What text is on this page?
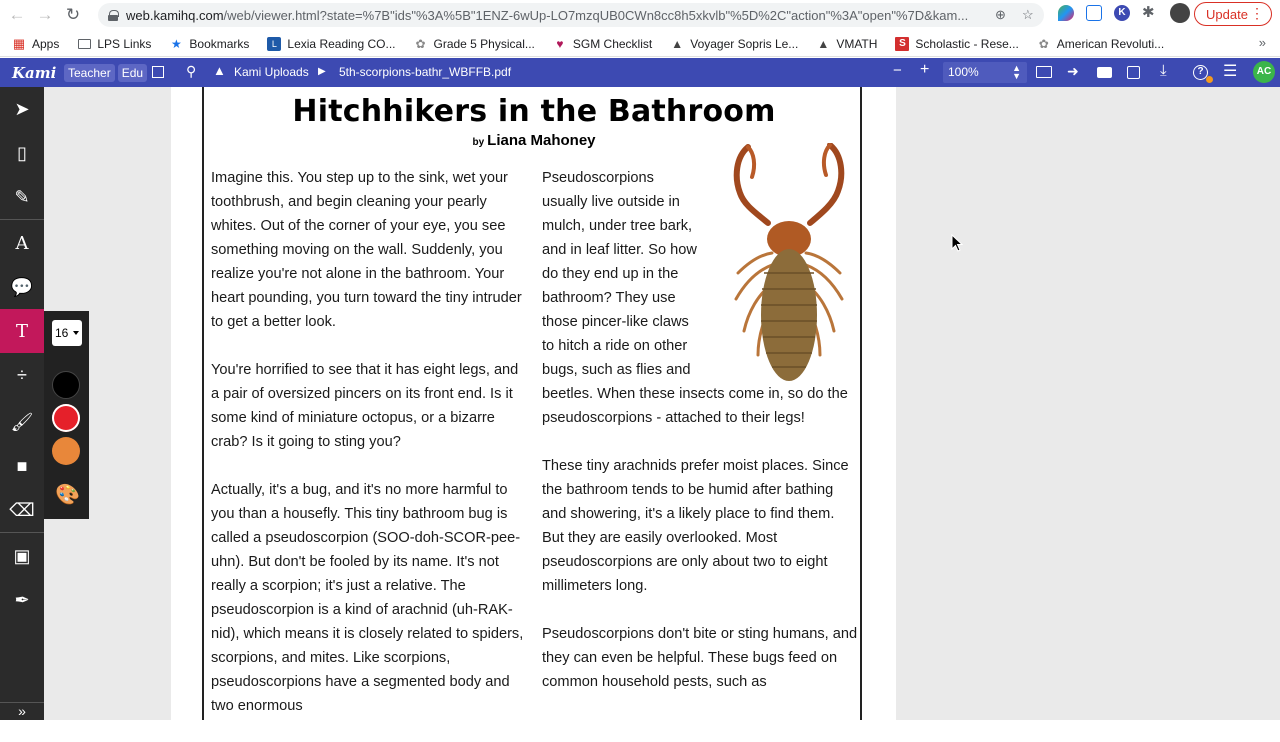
← → ↻	web.kamihq.com/web/viewer.html?state=%7B"ids"%3A%5B"1ENZ-6wUp-LO7mzqUB0CWn8cc8h5xkvlb"%5D%2C"action"%3A"open"%7D&kam...	⊕ ☆	K ✱	Update ⋮
▦ Apps	LPS Links ★ Bookmarks	L Lexia Reading CO... ✿ Grade 5 Physical... ♥ SGM Checklist ▲ Voyager Sopris Le... ▲ VMATH	S Scholastic - Rese... ✿ American Revoluti...	»
Kami Teacher Edu	⚲ ▲ Kami Uploads ▶ 5th-scorpions-bathr_WBFFB.pdf	− + 100%	▲
▼	➜	⤓	? ☰	AC
Hitchhikers in the Bathroom
by Liana Mahoney

Imagine this. You step up to the sink, wet your toothbrush, and begin cleaning your pearly whites. Out of the corner of your eye, you see something moving on the wall. Suddenly, you realize you're not alone in the bathroom. Your heart pounding, you turn toward the tiny intruder to get a better look.

You're horrified to see that it has eight legs, and a pair of oversized pincers on its front end. Is it some kind of miniature octopus, or a bizarre crab? Is it going to sting you?

Actually, it's a bug, and it's no more harmful to you than a housefly. This tiny bathroom bug is called a pseudoscorpion (SOO-doh-SCOR-pee-uhn). But don't be fooled by its name. It's not really a scorpion; it's just a relative. The pseudoscorpion is a kind of arachnid (uh-RAK-nid), which means it is closely related to spiders, scorpions, and mites. Like scorpions, pseudoscorpions have a segmented body and two enormous

Pseudoscorpions usually live outside in mulch, under tree bark, and in leaf litter. So how do they end up in the bathroom? They use those pincer-like claws to hitch a ride on other bugs, such as flies and

beetles. When these insects come in, so do the pseudoscorpions - attached to their legs!

These tiny arachnids prefer moist places. Since the bathroom tends to be humid after bathing and showering, it's a likely place to find them. But they are easily overlooked. Most pseudoscorpions are only about two to eight millimeters long.

Pseudoscorpions don't bite or sting humans, and they can even be helpful. These bugs feed on common household pests, such as

➤
▯
✎
A
💬
T
÷
🖌
■
⌫
▣
✒
»
16
🎨
